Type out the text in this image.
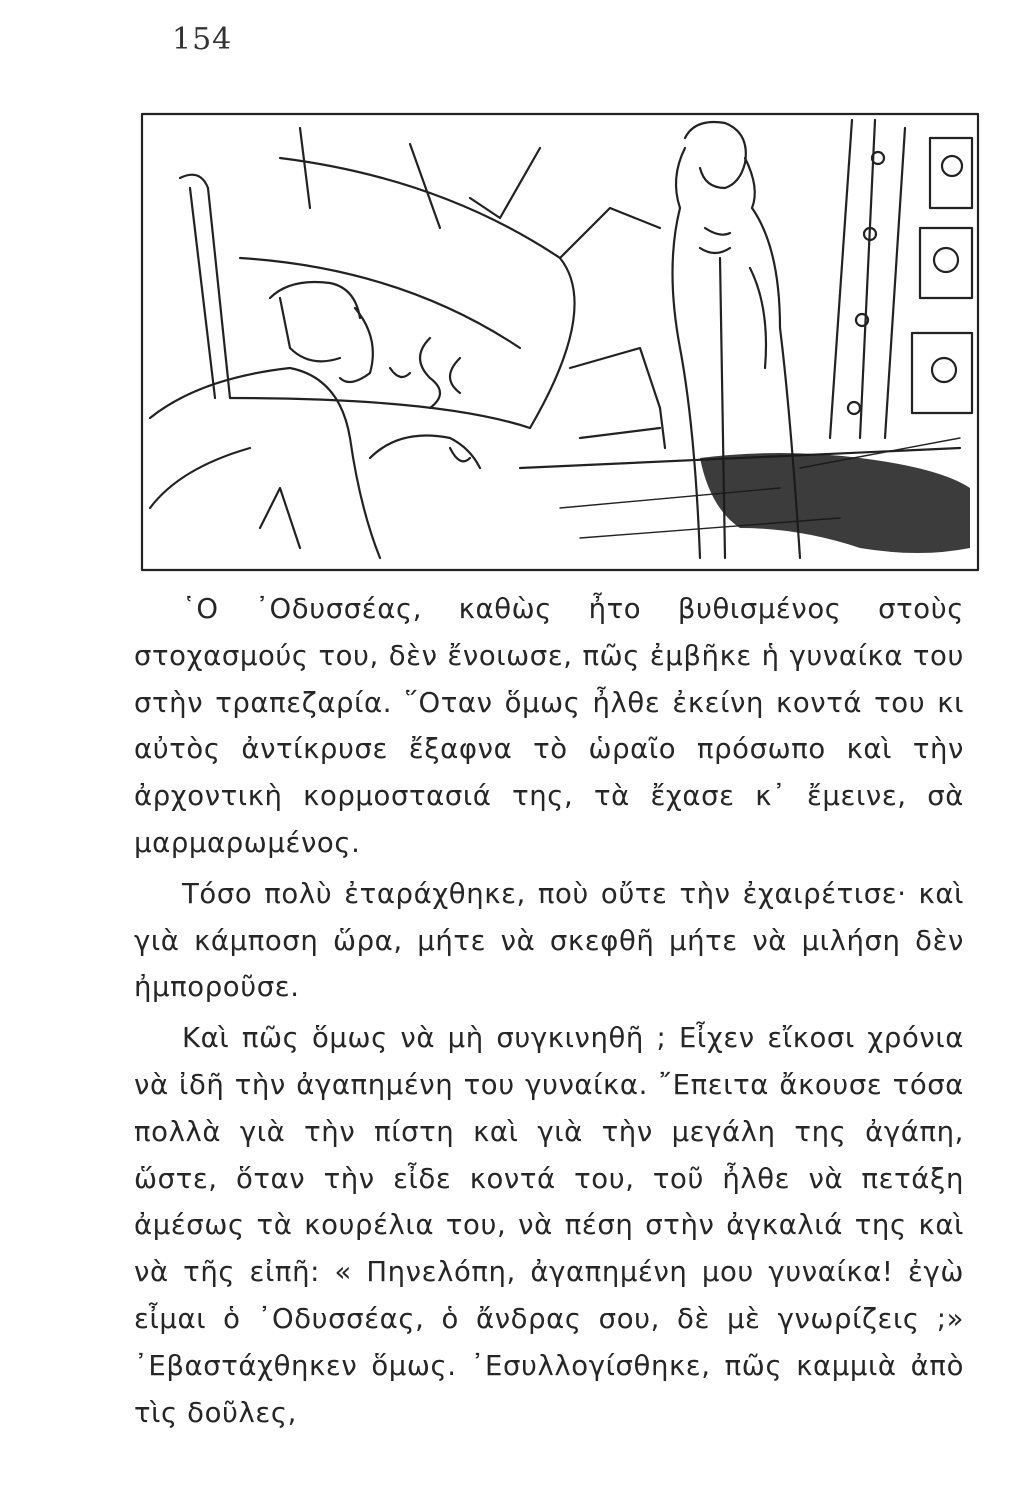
154

῾Ο ᾿Οδυσσέας, καθὼς ἦτο βυθισμένος στοὺς στοχασμούς του, δὲν ἔνοιωσε, πῶς ἐμβῆκε ἡ γυναίκα του στὴν τραπεζαρία. ῞Οταν ὅμως ἦλθε ἐκείνη κοντά του κι αὐτὸς ἀντίκρυσε ἔξαφνα τὸ ὡραῖο πρόσωπο καὶ τὴν ἀρχοντικὴ κορμοστασιά της, τὰ ἔχασε κ᾿ ἔμεινε, σὰ μαρμαρωμένος.

Τόσο πολὺ ἐταράχθηκε, ποὺ οὔτε τὴν ἐχαιρέτισε· καὶ γιὰ κάμποση ὥρα, μήτε νὰ σκεφθῆ μήτε νὰ μιλήση δὲν ἠμποροῦσε.

Καὶ πῶς ὅμως νὰ μὴ συγκινηθῆ ; Εἶχεν εἴκοσι χρόνια νὰ ἰδῆ τὴν ἀγαπημένη του γυναίκα. ῎Επειτα ἄκουσε τόσα πολλὰ γιὰ τὴν πίστη καὶ γιὰ τὴν μεγάλη της ἀγάπη, ὥστε, ὅταν τὴν εἶδε κοντά του, τοῦ ἦλθε νὰ πετάξη ἀμέσως τὰ κουρέλια του, νὰ πέση στὴν ἀγκαλιά της καὶ νὰ τῆς εἰπῆ: « Πηνελόπη, ἀγαπημένη μου γυναίκα! ἐγὼ εἶμαι ὁ ᾿Οδυσσέας, ὁ ἄνδρας σου, δὲ μὲ γνωρίζεις ;» ᾿Εβαστάχθηκεν ὅμως. ᾿Εσυλλογίσθηκε, πῶς καμμιὰ ἀπὸ τὶς δοῦλες,
